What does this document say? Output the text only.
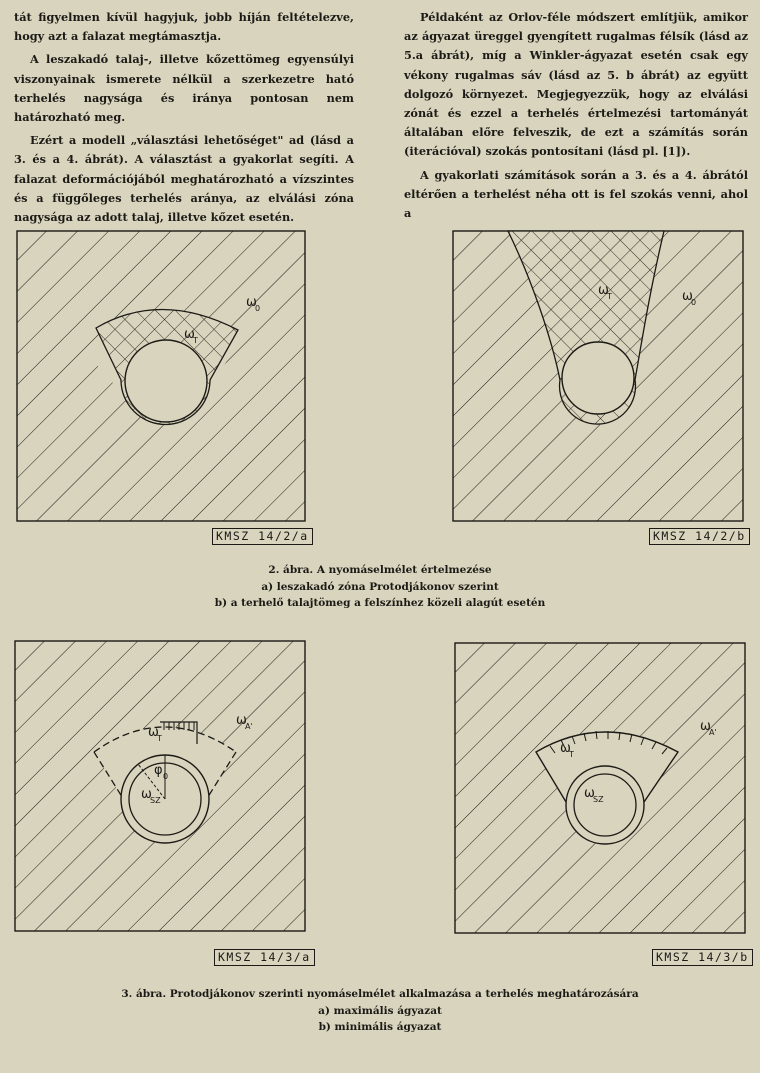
tát figyelmen kívül hagyjuk, jobb híján feltételezve, hogy azt a falazat megtámasztja.

A leszakadó talaj-, illetve kőzettömeg egyensúlyi viszonyainak ismerete nélkül a szerkezetre ható terhelés nagysága és iránya pontosan nem határozható meg.

Ezért a modell „választási lehetőséget" ad (lásd a 3. és a 4. ábrát). A választást a gyakorlat segíti. A falazat deformációjából meghatározható a vízszintes és a függőleges terhelés aránya, az elválási zóna nagysága az adott talaj, illetve kőzet esetén.

Példaként az Orlov-féle módszert említjük, amikor az ágyazat üreggel gyengített rugalmas félsík (lásd az 5.a ábrát), míg a Winkler-ágyazat esetén csak egy vékony rugalmas sáv (lásd az 5. b ábrát) az együtt dolgozó környezet. Megjegyezzük, hogy az elválási zónát és ezzel a terhelés értelmezési tartományát általában előre felveszik, de ezt a számítás során (iterációval) szokás pontosítani (lásd pl. [1]).

A gyakorlati számítások során a 3. és a 4. ábrától eltérően a terhelést néha ott is fel szokás venni, ahol a

ω
T
ω
0
KMSZ 14/2/a
ω
T	ω
0
KMSZ 14/2/b
2. ábra. A nyomáselmélet értelmezése
a) leszakadó zóna Protodjákonov szerint
b) a terhelő talajtömeg a felszínhez közeli alagút esetén
ω
T
φ 0
ω
SZ
ω
A'
KMSZ 14/3/a
ω
T
ω
SZ
ω
A'
KMSZ 14/3/b
3. ábra. Protodjákonov szerinti nyomáselmélet alkalmazása a terhelés meghatározására
a) maximális ágyazat
b) minimális ágyazat
